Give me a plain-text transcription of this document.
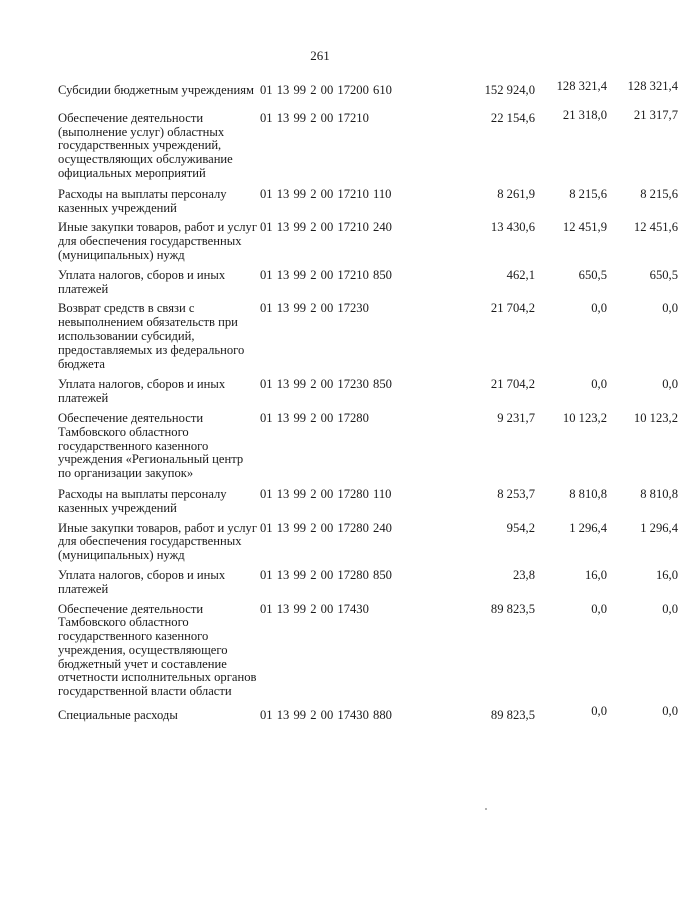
261
Субсидии бюджетным учреждениям 01 13 99 2 00 17200 610	152 924,0	128 321,4	128 321,4
Обеспечение деятельности (выполнение услуг) областных государственных учреждений, осуществляющих обслуживание официальных мероприятий
01 13 99 2 00 17210	22 154,6	21 318,0	21 317,7
Расходы на выплаты персоналу казенных учреждений
01 13 99 2 00 17210 110	8 261,9	8 215,6	8 215,6
Иные закупки товаров, работ и услуг для обеспечения государственных (муниципальных) нужд
01 13 99 2 00 17210 240	13 430,6	12 451,9	12 451,6
Уплата налогов, сборов и иных платежей
01 13 99 2 00 17210 850	462,1	650,5	650,5
Возврат средств в связи с невыполнением обязательств при использовании субсидий, предоставляемых из федерального бюджета
01 13 99 2 00 17230	21 704,2	0,0	0,0
Уплата налогов, сборов и иных платежей
01 13 99 2 00 17230 850	21 704,2	0,0	0,0
Обеспечение деятельности Тамбовского областного государственного казенного учреждения «Региональный центр по организации закупок»
01 13 99 2 00 17280	9 231,7	10 123,2	10 123,2
Расходы на выплаты персоналу казенных учреждений
01 13 99 2 00 17280 110	8 253,7	8 810,8	8 810,8
Иные закупки товаров, работ и услуг для обеспечения государственных (муниципальных) нужд
01 13 99 2 00 17280 240	954,2	1 296,4	1 296,4
Уплата налогов, сборов и иных платежей
01 13 99 2 00 17280 850	23,8	16,0	16,0
Обеспечение деятельности Тамбовского областного государственного казенного учреждения, осуществляющего бюджетный учет и составление отчетности исполнительных органов государственной власти области
01 13 99 2 00 17430	89 823,5	0,0	0,0
Специальные расходы	01 13 99 2 00 17430 880	89 823,5	0,0	0,0
